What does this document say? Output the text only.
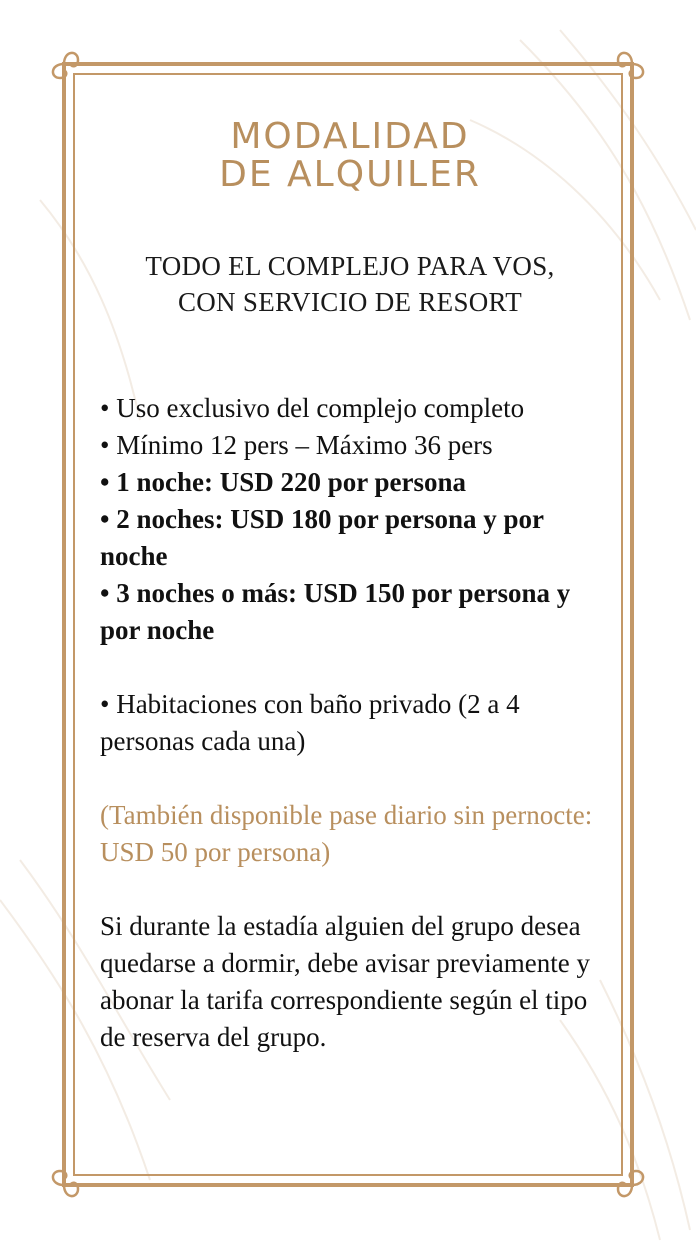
MODALIDAD
DE ALQUILER
TODO EL COMPLEJO PARA VOS,
CON SERVICIO DE RESORT
• Uso exclusivo del complejo completo
• Mínimo 12 pers – Máximo 36 pers
• 1 noche: USD 220 por persona
• 2 noches: USD 180 por persona y por noche
• 3 noches o más: USD 150 por persona y por noche
• Habitaciones con baño privado (2 a 4 personas cada una)

(También disponible pase diario sin pernocte: USD 50 por persona)

Si durante la estadía alguien del grupo desea quedarse a dormir, debe avisar previamente y abonar la tarifa correspondiente según el tipo de reserva del grupo.
